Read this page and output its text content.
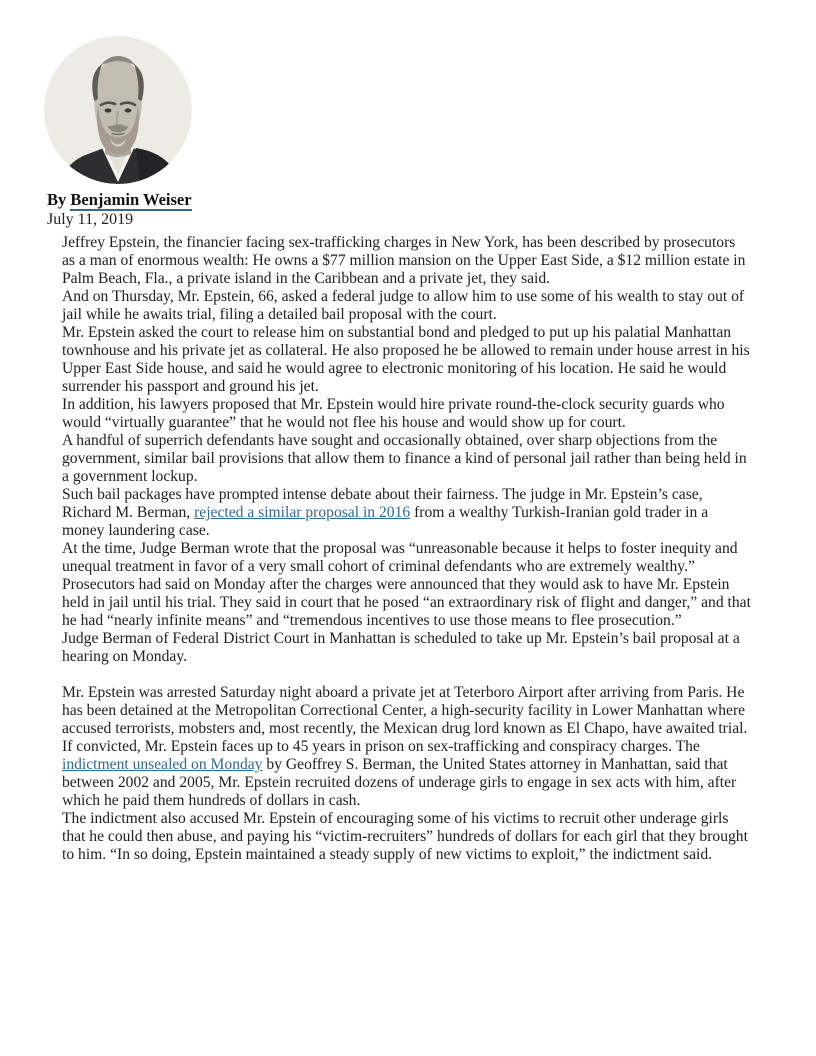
By Benjamin Weiser
July 11, 2019

Jeffrey Epstein, the financier facing sex-trafficking charges in New York, has been described by prosecutors as a man of enormous wealth: He owns a $77 million mansion on the Upper East Side, a $12 million estate in Palm Beach, Fla., a private island in the Caribbean and a private jet, they said.

And on Thursday, Mr. Epstein, 66, asked a federal judge to allow him to use some of his wealth to stay out of jail while he awaits trial, filing a detailed bail proposal with the court.

Mr. Epstein asked the court to release him on substantial bond and pledged to put up his palatial Manhattan townhouse and his private jet as collateral. He also proposed he be allowed to remain under house arrest in his Upper East Side house, and said he would agree to electronic monitoring of his location. He said he would surrender his passport and ground his jet.

In addition, his lawyers proposed that Mr. Epstein would hire private round-the-clock security guards who would “virtually guarantee” that he would not flee his house and would show up for court.

A handful of superrich defendants have sought and occasionally obtained, over sharp objections from the government, similar bail provisions that allow them to finance a kind of personal jail rather than being held in a government lockup.

Such bail packages have prompted intense debate about their fairness. The judge in Mr. Epstein’s case, Richard M. Berman, rejected a similar proposal in 2016 from a wealthy Turkish-Iranian gold trader in a money laundering case.

At the time, Judge Berman wrote that the proposal was “unreasonable because it helps to foster inequity and unequal treatment in favor of a very small cohort of criminal defendants who are extremely wealthy.”

Prosecutors had said on Monday after the charges were announced that they would ask to have Mr. Epstein held in jail until his trial. They said in court that he posed “an extraordinary risk of flight and danger,” and that he had “nearly infinite means” and “tremendous incentives to use those means to flee prosecution.”

Judge Berman of Federal District Court in Manhattan is scheduled to take up Mr. Epstein’s bail proposal at a hearing on Monday.

Mr. Epstein was arrested Saturday night aboard a private jet at Teterboro Airport after arriving from Paris. He has been detained at the Metropolitan Correctional Center, a high-security facility in Lower Manhattan where accused terrorists, mobsters and, most recently, the Mexican drug lord known as El Chapo, have awaited trial.

If convicted, Mr. Epstein faces up to 45 years in prison on sex-trafficking and conspiracy charges. The indictment unsealed on Monday by Geoffrey S. Berman, the United States attorney in Manhattan, said that between 2002 and 2005, Mr. Epstein recruited dozens of underage girls to engage in sex acts with him, after which he paid them hundreds of dollars in cash.

The indictment also accused Mr. Epstein of encouraging some of his victims to recruit other underage girls that he could then abuse, and paying his “victim-recruiters” hundreds of dollars for each girl that they brought to him. “In so doing, Epstein maintained a steady supply of new victims to exploit,” the indictment said.
